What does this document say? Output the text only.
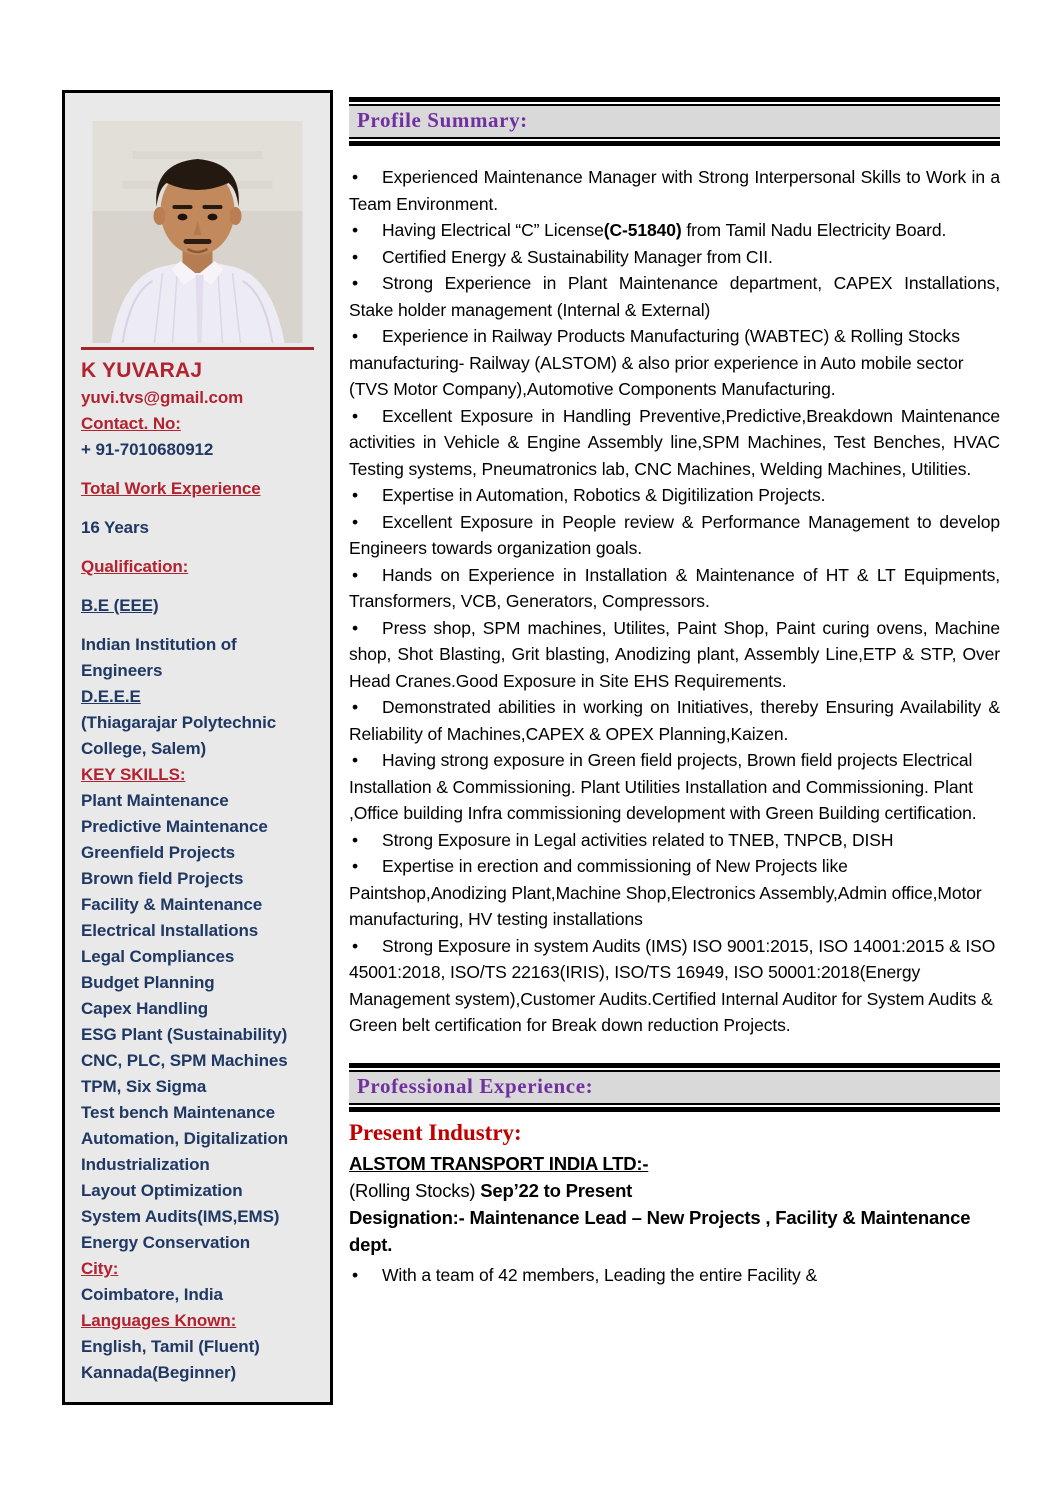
K YUVARAJ
yuvi.tvs@gmail.com
Contact. No:
+ 91-7010680912
Total Work Experience
16 Years
Qualification:
B.E (EEE)
Indian Institution of Engineers
D.E.E.E
(Thiagarajar Polytechnic College, Salem)
KEY SKILLS:
Plant Maintenance
Predictive Maintenance
Greenfield Projects
Brown field Projects
Facility & Maintenance
Electrical Installations
Legal Compliances
Budget Planning
Capex Handling
ESG Plant (Sustainability)
CNC, PLC, SPM Machines
TPM, Six Sigma
Test bench Maintenance
Automation, Digitalization
Industrialization
Layout Optimization
System Audits(IMS,EMS)
Energy Conservation
City:
Coimbatore, India
Languages Known:
English, Tamil (Fluent)
Kannada(Beginner)
Profile Summary:

• Experienced Maintenance Manager with Strong Interpersonal Skills to Work in a Team Environment.

• Having Electrical “C” License(C-51840) from Tamil Nadu Electricity Board.

• Certified Energy & Sustainability Manager from CII.

• Strong Experience in Plant Maintenance department, CAPEX Installations, Stake holder management (Internal & External)

• Experience in Railway Products Manufacturing (WABTEC) & Rolling Stocks manufacturing- Railway (ALSTOM) & also prior experience in Auto mobile sector (TVS Motor Company),Automotive Components Manufacturing.

• Excellent Exposure in Handling Preventive,Predictive,Breakdown Maintenance activities in Vehicle & Engine Assembly line,SPM Machines, Test Benches, HVAC Testing systems, Pneumatronics lab, CNC Machines, Welding Machines, Utilities.

• Expertise in Automation, Robotics & Digitilization Projects.

• Excellent Exposure in People review & Performance Management to develop Engineers towards organization goals.

• Hands on Experience in Installation & Maintenance of HT & LT Equipments, Transformers, VCB, Generators, Compressors.

• Press shop, SPM machines, Utilites, Paint Shop, Paint curing ovens, Machine shop, Shot Blasting, Grit blasting, Anodizing plant, Assembly Line,ETP & STP, Over Head Cranes.Good Exposure in Site EHS Requirements.

• Demonstrated abilities in working on Initiatives, thereby Ensuring Availability & Reliability of Machines,CAPEX & OPEX Planning,Kaizen.

• Having strong exposure in Green field projects, Brown field projects Electrical Installation & Commissioning. Plant Utilities Installation and Commissioning. Plant ,Office building Infra commissioning development with Green Building certification.

• Strong Exposure in Legal activities related to TNEB, TNPCB, DISH

• Expertise in erection and commissioning of New Projects like Paintshop,Anodizing Plant,Machine Shop,Electronics Assembly,Admin office,Motor manufacturing, HV testing installations

• Strong Exposure in system Audits (IMS) ISO 9001:2015, ISO 14001:2015 & ISO 45001:2018, ISO/TS 22163(IRIS), ISO/TS 16949, ISO 50001:2018(Energy Management system),Customer Audits.Certified Internal Auditor for System Audits & Green belt certification for Break down reduction Projects.

Professional Experience:
Present Industry:
ALSTOM TRANSPORT INDIA LTD:-
(Rolling Stocks) Sep’22 to Present
Designation:- Maintenance Lead – New Projects , Facility & Maintenance dept.

• With a team of 42 members, Leading the entire Facility &
